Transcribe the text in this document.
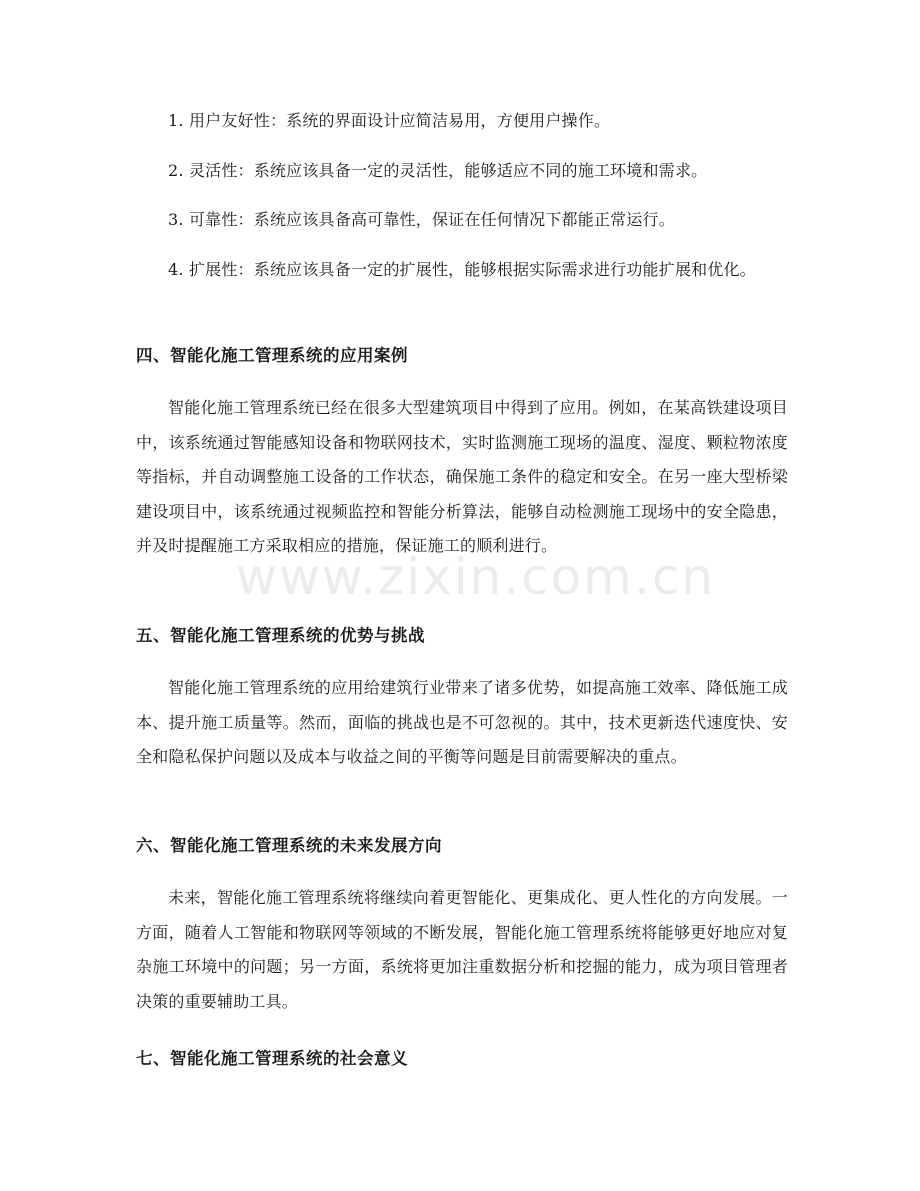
1. 用户友好性：系统的界面设计应简洁易用，方便用户操作。

2. 灵活性：系统应该具备一定的灵活性，能够适应不同的施工环境和需求。

3. 可靠性：系统应该具备高可靠性，保证在任何情况下都能正常运行。

4. 扩展性：系统应该具备一定的扩展性，能够根据实际需求进行功能扩展和优化。

四、智能化施工管理系统的应用案例

智能化施工管理系统已经在很多大型建筑项目中得到了应用。例如，在某高铁建设项目中，该系统通过智能感知设备和物联网技术，实时监测施工现场的温度、湿度、颗粒物浓度等指标，并自动调整施工设备的工作状态，确保施工条件的稳定和安全。在另一座大型桥梁建设项目中，该系统通过视频监控和智能分析算法，能够自动检测施工现场中的安全隐患，并及时提醒施工方采取相应的措施，保证施工的顺利进行。

五、智能化施工管理系统的优势与挑战

智能化施工管理系统的应用给建筑行业带来了诸多优势，如提高施工效率、降低施工成本、提升施工质量等。然而，面临的挑战也是不可忽视的。其中，技术更新迭代速度快、安全和隐私保护问题以及成本与收益之间的平衡等问题是目前需要解决的重点。

六、智能化施工管理系统的未来发展方向

未来，智能化施工管理系统将继续向着更智能化、更集成化、更人性化的方向发展。一方面，随着人工智能和物联网等领域的不断发展，智能化施工管理系统将能够更好地应对复杂施工环境中的问题；另一方面，系统将更加注重数据分析和挖掘的能力，成为项目管理者决策的重要辅助工具。

七、智能化施工管理系统的社会意义
www.zixin.com.cn
